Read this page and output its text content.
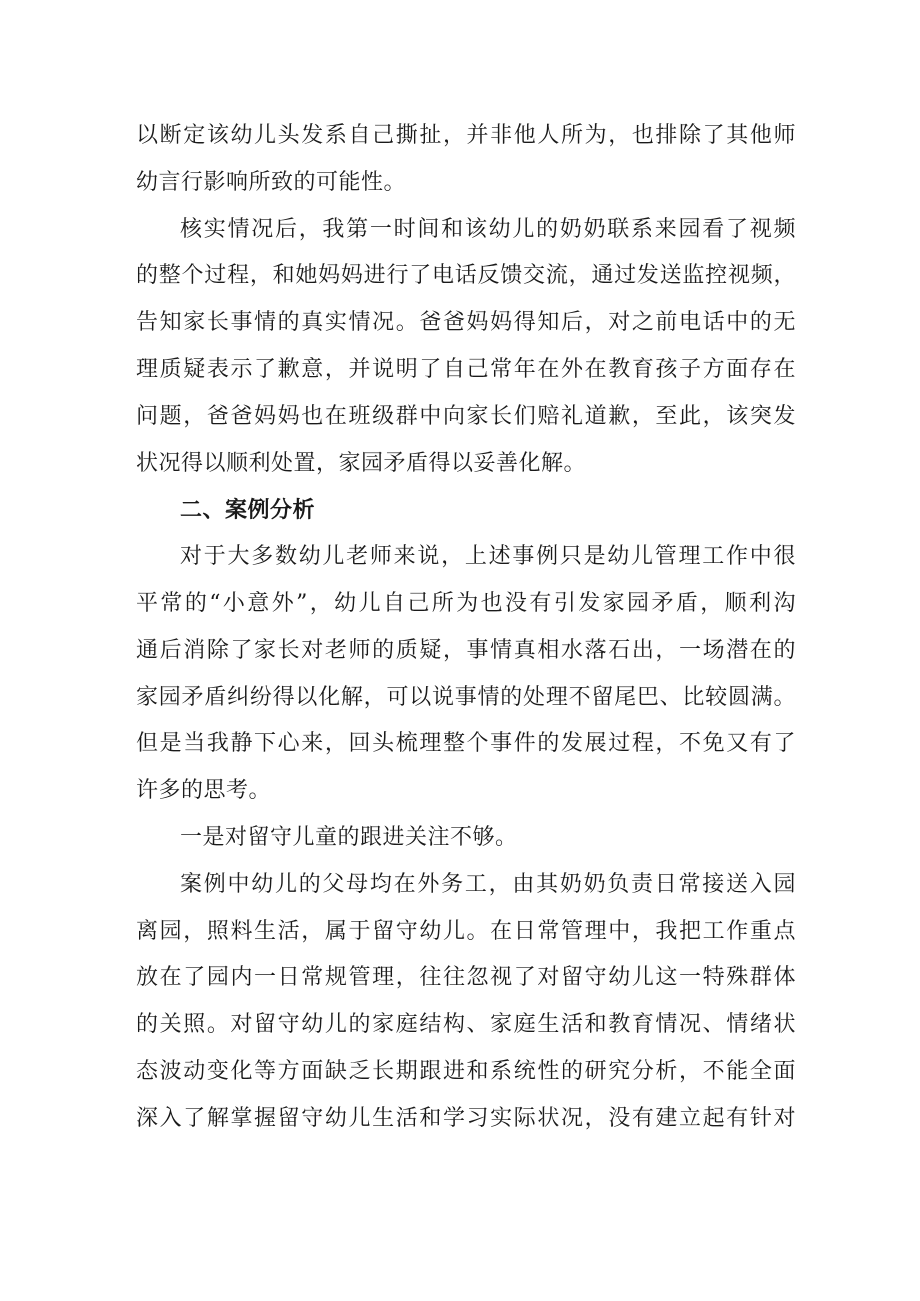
以断定该幼儿头发系自己撕扯，并非他人所为，也排除了其他师
幼言行影响所致的可能性。
核实情况后，我第一时间和该幼儿的奶奶联系来园看了视频
的整个过程，和她妈妈进行了电话反馈交流，通过发送监控视频，
告知家长事情的真实情况。爸爸妈妈得知后，对之前电话中的无
理质疑表示了歉意，并说明了自己常年在外在教育孩子方面存在
问题，爸爸妈妈也在班级群中向家长们赔礼道歉，至此，该突发
状况得以顺利处置，家园矛盾得以妥善化解。
二、案例分析
对于大多数幼儿老师来说，上述事例只是幼儿管理工作中很
平常的“小意外”，幼儿自己所为也没有引发家园矛盾，顺利沟
通后消除了家长对老师的质疑，事情真相水落石出，一场潜在的
家园矛盾纠纷得以化解，可以说事情的处理不留尾巴、比较圆满。
但是当我静下心来，回头梳理整个事件的发展过程，不免又有了
许多的思考。
一是对留守儿童的跟进关注不够。
案例中幼儿的父母均在外务工，由其奶奶负责日常接送入园
离园，照料生活，属于留守幼儿。在日常管理中，我把工作重点
放在了园内一日常规管理，往往忽视了对留守幼儿这一特殊群体
的关照。对留守幼儿的家庭结构、家庭生活和教育情况、情绪状
态波动变化等方面缺乏长期跟进和系统性的研究分析，不能全面
深入了解掌握留守幼儿生活和学习实际状况，没有建立起有针对
